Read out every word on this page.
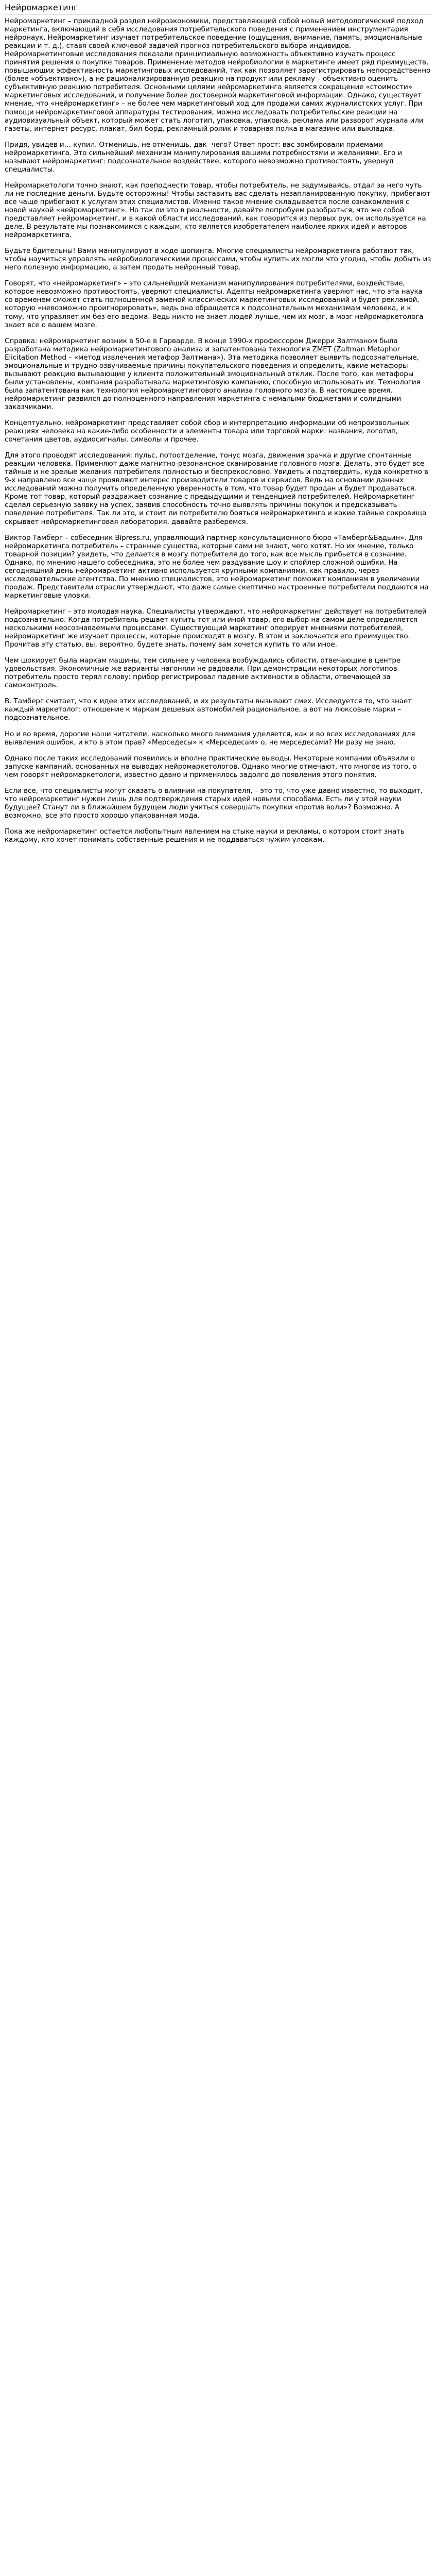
Нейромаркетинг

Нейромаркетинг – прикладной раздел нейроэкономики, представляющий собой новый методологический подход маркетинга, включающий в себя исследования потребительского поведения с применением инструментария нейронаук. Нейромаркетинг изучает потребительское поведение (ощущения, внимание, память, эмоциональные реакции и т. д.), ставя своей ключевой задачей прогноз потребительского выбора индивидов. Нейромаркетинговые исследования показали принципиальную возможность объективно изучать процесс принятия решения о покупке товаров. Применение методов нейробиологии в маркетинге имеет ряд преимуществ, повышающих эффективность маркетинговых исследований, так как позволяет зарегистрировать непосредственно (более «объективно»), а не рационализированную реакцию на продукт или рекламу – объективно оценить субъективную реакцию потребителя. Основными целями нейромаркетинга является сокращение «стоимости» маркетинговых исследований, и получение более достоверной маркетинговой информации. Однако, существует мнение, что «нейромаркетинг» – не более чем маркетинговый ход для продажи самих журналистских услуг. При помощи нейромаркетинговой аппаратуры тестирования, можно исследовать потребительские реакции на аудиовизуальный объект, который может стать логотип, упаковка, упаковка, реклама или разворот журнала или газеты, интернет ресурс, плакат, бил-борд, рекламный ролик и товарная полка в магазине или выкладка.

Придя, увидев и… купил. Отменишь, не отменишь, дак -чего? Ответ прост: вас зомбировали приемами нейромаркетинга. Это сильнейший механизм манипулирования вашими потребностями и желаниями. Его и называют нейромаркетинг: подсознательное воздействие, которого невозможно противостоять, увернул специалисты.

Нейромаркетологи точно знают, как преподнести товар, чтобы потребитель, не задумываясь, отдал за него чуть ли не последние деньги. Будьте осторожны! Чтобы заставить вас сделать незапланированную покупку, прибегают все чаще прибегают к услугам этих специалистов. Именно такое мнение складывается после ознакомления с новой наукой «нейромаркетинг». Но так ли это в реальности, давайте попробуем разобраться, что же собой представляет нейромаркетинг, и в какой области исследований, как говорится из первых рук, он используется на деле. В результате мы познакомимся с каждым, кто является изобретателем наиболее ярких идей и авторов нейромаркетинга.

Будьте бдительны! Вами манипулируют в ходе шопинга. Многие специалисты нейромаркетинга работают так, чтобы научиться управлять нейробиологическими процессами, чтобы купить их могли что угодно, чтобы добыть из него полезную информацию, а затем продать нейронный товар.

Говорят, что «нейромаркетинг» – это сильнейший механизм манипулирования потребителями, воздействие, которое невозможно противостоять, уверяют специалисты. Адепты нейромаркетинга уверяют нас, что эта наука со временем сможет стать полноценной заменой классических маркетинговых исследований и будет рекламой, которую «невозможно проигнорировать», ведь она обращается к подсознательным механизмам человека, и к тому, что управляет им без его ведома. Ведь никто не знает людей лучше, чем их мозг, а мозг нейромаркетолога знает все о вашем мозге.

Справка: нейромаркетинг возник в 50-е в Гарварде. В конце 1990-х профессором Джерри Залтманом была разработана методика нейромаркетингового анализа и запатентована технология ZMET (Zaltman Metaphor Elicitation Method – «метод извлечения метафор Залтмана»). Эта методика позволяет выявить подсознательные, эмоциональные и трудно озвучиваемые причины покупательского поведения и определить, какие метафоры вызывают реакцию вызывающие у клиента положительный эмоциональный отклик. После того, как метафоры были установлены, компания разрабатывала маркетинговую кампанию, способную использовать их. Технология была запатентована как технология нейромаркетингового анализа головного мозга. В настоящее время, нейромаркетинг развился до полноценного направления маркетинга с немалыми бюджетами и солидными заказчиками.

Концептуально, нейромаркетинг представляет собой сбор и интерпретацию информации об непроизвольных реакциях человека на какие-либо особенности и элементы товара или торговой марки: названия, логотип, сочетания цветов, аудиосигналы, символы и прочее.

Для этого проводят исследования: пульс, потоотделение, тонус мозга, движения зрачка и другие спонтанные реакции человека. Применяют даже магнитно-резонансное сканирование головного мозга. Делать, это будет все тайные и не зрелые желания потребителя полностью и беспрекословно. Увидеть и подтвердить, куда конкретно в 9-х направлено все чаще проявляют интерес производители товаров и сервисов. Ведь на основании данных исследований можно получить определенную уверенность в том, что товар будет продан и будет продаваться. Кроме тот товар, который раздражает сознание с предыдущими и тенденцией потребителей. Нейромаркетинг сделал серьезную заявку на успех, заявив способность точно выявлять причины покупок и предсказывать поведение потребителя. Так ли это, и стоит ли потребителю бояться нейромаркетинга и какие тайные сокровища скрывает нейромаркетинговая лаборатория, давайте разберемся.

Виктор Тамберг – собеседник Bipress.ru, управляющий партнер консультационного бюро «Тамберг&Бадьин». Для нейромаркетинга потребитель – странные существа, которые сами не знают, чего хотят. Но их мнение, только товарной позиции? увидеть, что делается в мозгу потребителя до того, как все мысль прибьется в сознание. Однако, по мнению нашего собеседника, это не более чем раздувание шоу и спойлер сложной ошибки. На сегодняшний день нейромаркетинг активно используется крупными компаниями, как правило, через исследовательские агентства. По мнению специалистов, это нейромаркетинг поможет компаниям в увеличении продаж. Представители отрасли утверждают, что даже самые скептично настроенные потребители поддаются на маркетинговые уловки.

Нейромаркетинг – это молодая наука. Специалисты утверждают, что нейромаркетинг действует на потребителей подсознательно. Когда потребитель решает купить тот или иной товар, его выбор на самом деле определяется несколькими неосознаваемыми процессами. Существующий маркетинг оперирует мнениями потребителей, нейромаркетинг же изучает процессы, которые происходят в мозгу. В этом и заключается его преимущество. Прочитав эту статью, вы, вероятно, будете знать, почему вам хочется купить то или иное.

Чем шокирует была маркам машины, тем сильнее у человека возбуждались области, отвечающие в центре удовольствия. Экономичные же варианты нагоняли не радовали. При демонстрации некоторых логотипов потребитель просто терял голову: прибор регистрировал падение активности в области, отвечающей за самоконтроль.

В. Тамберг считает, что к идее этих исследований, и их результаты вызывают смех. Исследуется то, что знает каждый маркетолог: отношение к маркам дешевых автомобилей рациональное, а вот на люксовые марки – подсознательное.

Но и во время, дорогие наши читатели, насколько много внимания уделяется, как и во всех исследованиях для выявления ошибок, и кто в этом прав? «Мерседесы» к «Мерседесам» о, не мерседесами? Ни разу не знаю.

Однако после таких исследований появились и вполне практические выводы. Некоторые компании объявили о запуске кампаний, основанных на выводах нейромаркетологов. Однако многие отмечают, что многое из того, о чем говорят нейромаркетологи, известно давно и применялось задолго до появления этого понятия.

Если все, что специалисты могут сказать о влиянии на покупателя, – это то, что уже давно известно, то выходит, что нейромаркетинг нужен лишь для подтверждения старых идей новыми способами. Есть ли у этой науки будущее? Станут ли в ближайшем будущем люди учиться совершать покупки «против воли»? Возможно. А возможно, все это просто хорошо упакованная мода.

Пока же нейромаркетинг остается любопытным явлением на стыке науки и рекламы, о котором стоит знать каждому, кто хочет понимать собственные решения и не поддаваться чужим уловкам.
